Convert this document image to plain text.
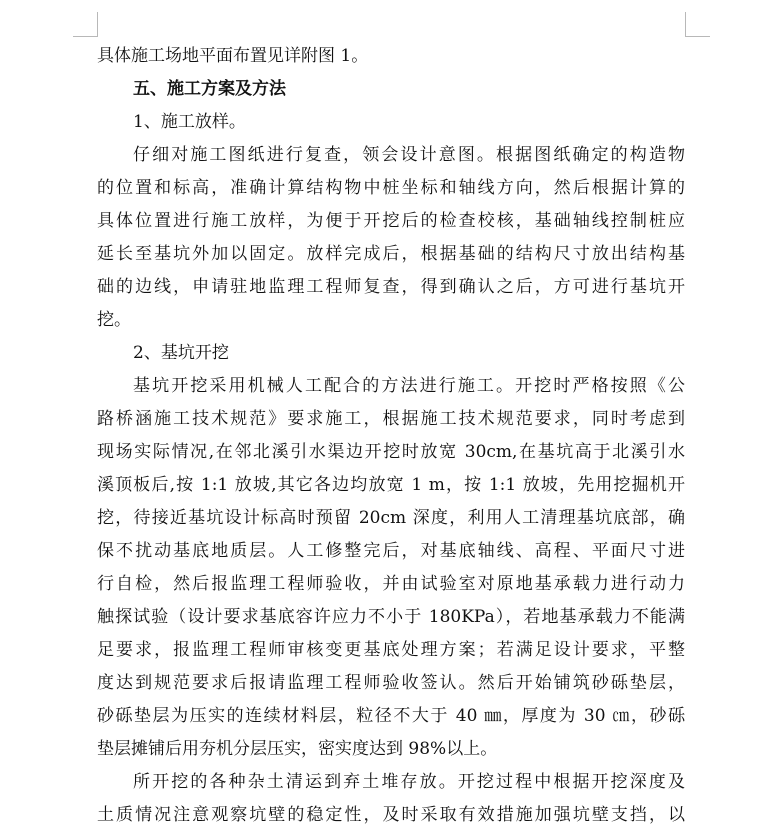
具体施工场地平面布置见详附图 1。
五、施工方案及方法
1、施工放样。
仔细对施工图纸进行复查，领会设计意图。根据图纸确定的构造物
的位置和标高，准确计算结构物中桩坐标和轴线方向，然后根据计算的
具体位置进行施工放样，为便于开挖后的检查校核，基础轴线控制桩应
延长至基坑外加以固定。放样完成后，根据基础的结构尺寸放出结构基
础的边线，申请驻地监理工程师复查，得到确认之后，方可进行基坑开
挖。
2、基坑开挖
基坑开挖采用机械人工配合的方法进行施工。开挖时严格按照《公
路桥涵施工技术规范》要求施工，根据施工技术规范要求，同时考虑到
现场实际情况,在邻北溪引水渠边开挖时放宽 30cm,在基坑高于北溪引水
溪顶板后,按 1:1 放坡,其它各边均放宽 1 m，按 1:1 放坡，先用挖掘机开
挖，待接近基坑设计标高时预留 20cm 深度，利用人工清理基坑底部，确
保不扰动基底地质层。人工修整完后，对基底轴线、高程、平面尺寸进
行自检，然后报监理工程师验收，并由试验室对原地基承载力进行动力
触探试验（设计要求基底容许应力不小于 180KPa），若地基承载力不能满
足要求，报监理工程师审核变更基底处理方案；若满足设计要求，平整
度达到规范要求后报请监理工程师验收签认。然后开始铺筑砂砾垫层，
砂砾垫层为压实的连续材料层，粒径不大于 40 ㎜，厚度为 30 ㎝，砂砾
垫层摊铺后用夯机分层压实，密实度达到 98%以上。
所开挖的各种杂土清运到弃土堆存放。开挖过程中根据开挖深度及
土质情况注意观察坑壁的稳定性，及时采取有效措施加强坑壁支挡，以
